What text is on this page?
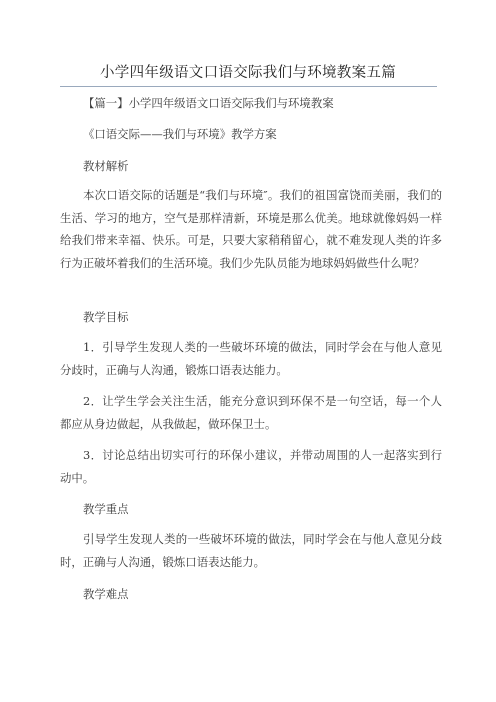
小学四年级语文口语交际我们与环境教案五篇

【篇一】小学四年级语文口语交际我们与环境教案

《口语交际——我们与环境》教学方案

教材解析

本次口语交际的话题是“我们与环境″。我们的祖国富饶而美丽，我们的生活、学习的地方，空气是那样清新，环境是那么优美。地球就像妈妈一样给我们带来幸福、快乐。可是，只要大家稍稍留心，就不难发现人类的许多行为正破坏着我们的生活环境。我们少先队员能为地球妈妈做些什么呢？

教学目标

1．引导学生发现人类的一些破坏环境的做法，同时学会在与他人意见分歧时，正确与人沟通，锻炼口语表达能力。

2．让学生学会关注生活，能充分意识到环保不是一句空话，每一个人都应从身边做起，从我做起，做环保卫士。

3．讨论总结出切实可行的环保小建议，并带动周围的人一起落实到行动中。

教学重点

引导学生发现人类的一些破坏环境的做法，同时学会在与他人意见分歧时，正确与人沟通，锻炼口语表达能力。

教学难点
